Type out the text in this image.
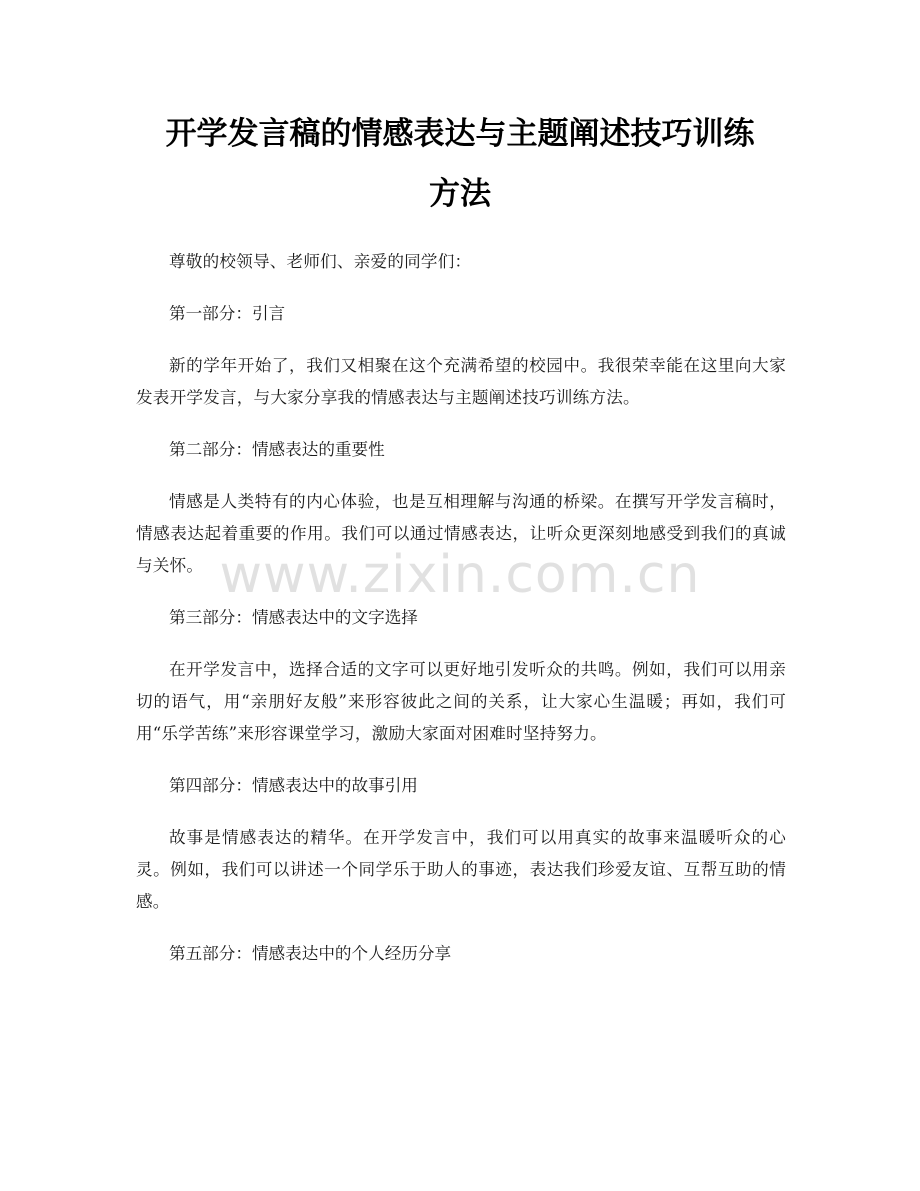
开学发言稿的情感表达与主题阐述技巧训练
方法

尊敬的校领导、老师们、亲爱的同学们：

第一部分：引言

新的学年开始了，我们又相聚在这个充满希望的校园中。我很荣幸能在这里向大家发表开学发言，与大家分享我的情感表达与主题阐述技巧训练方法。

第二部分：情感表达的重要性

情感是人类特有的内心体验，也是互相理解与沟通的桥梁。在撰写开学发言稿时，情感表达起着重要的作用。我们可以通过情感表达，让听众更深刻地感受到我们的真诚与关怀。

第三部分：情感表达中的文字选择

在开学发言中，选择合适的文字可以更好地引发听众的共鸣。例如，我们可以用亲切的语气，用“亲朋好友般”来形容彼此之间的关系，让大家心生温暖；再如，我们可用“乐学苦练”来形容课堂学习，激励大家面对困难时坚持努力。

第四部分：情感表达中的故事引用

故事是情感表达的精华。在开学发言中，我们可以用真实的故事来温暖听众的心灵。例如，我们可以讲述一个同学乐于助人的事迹，表达我们珍爱友谊、互帮互助的情感。

第五部分：情感表达中的个人经历分享

www.zixin.com.cn
